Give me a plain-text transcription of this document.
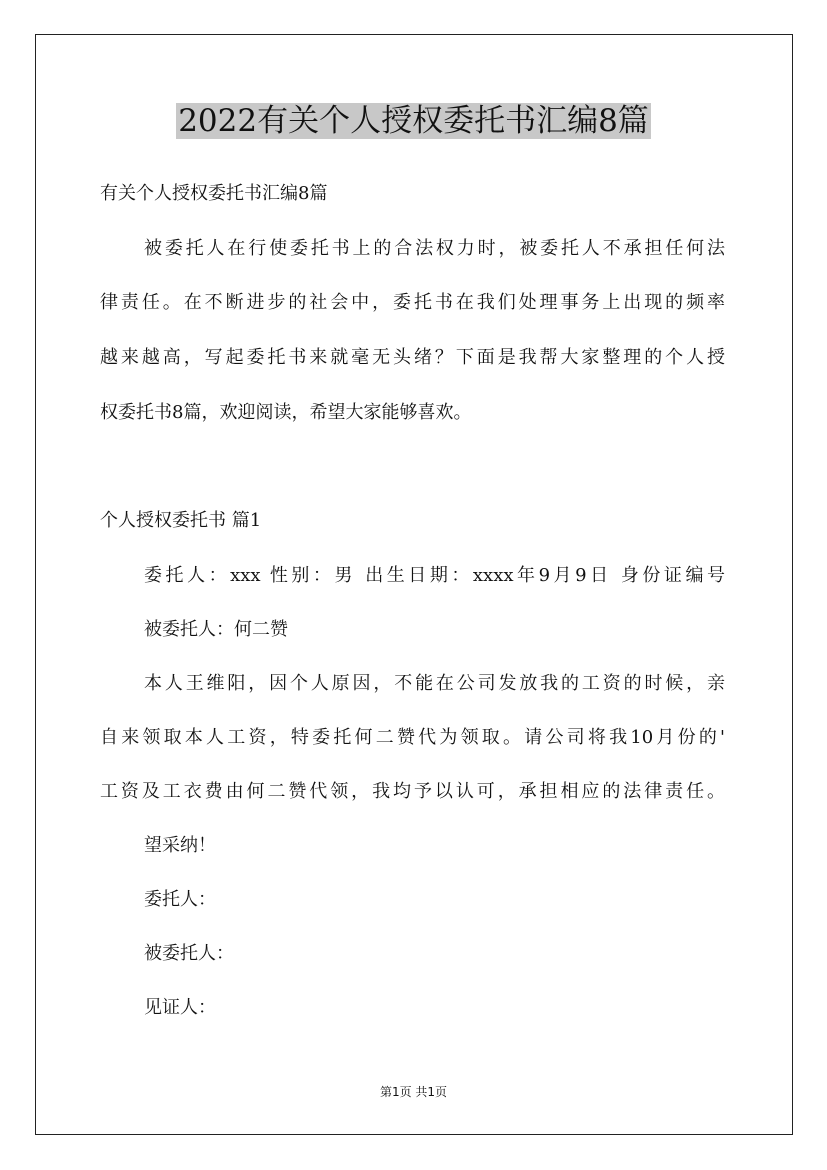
2022有关个人授权委托书汇编8篇
有关个人授权委托书汇编8篇
被委托人在行使委托书上的合法权力时，被委托人不承担任何法
律责任。在不断进步的社会中，委托书在我们处理事务上出现的频率
越来越高，写起委托书来就毫无头绪？下面是我帮大家整理的个人授
权委托书8篇，欢迎阅读，希望大家能够喜欢。
个人授权委托书 篇1
委托人：xxx 性别：男 出生日期：xxxx年9月9日 身份证编号
被委托人：何二赞
本人王维阳，因个人原因，不能在公司发放我的工资的时候，亲
自来领取本人工资，特委托何二赞代为领取。请公司将我10月份的'
工资及工衣费由何二赞代领，我均予以认可，承担相应的法律责任。
望采纳！
委托人：
被委托人：
见证人：
第1页 共1页
